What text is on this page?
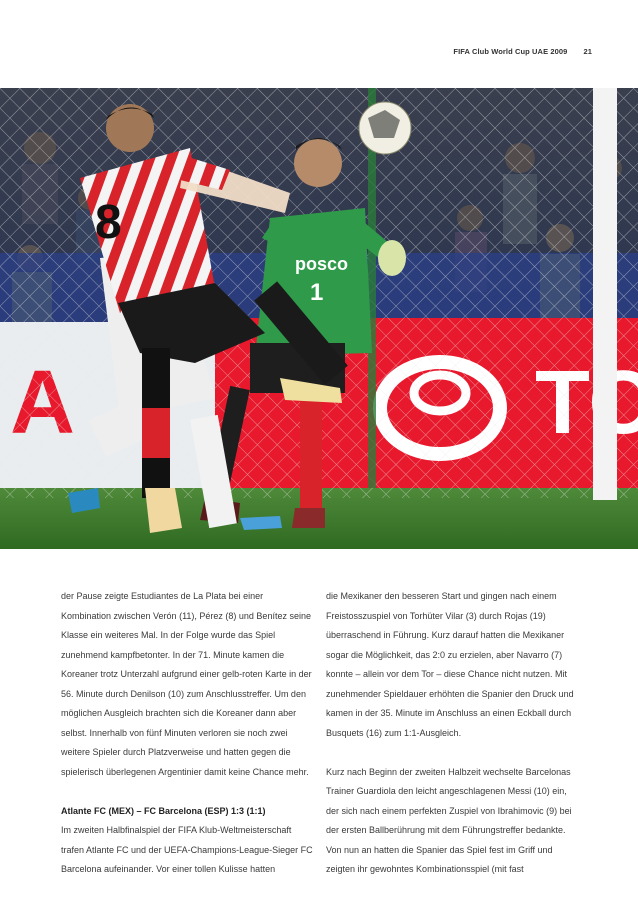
FIFA Club World Cup UAE 2009 21
posco
1
8

der Pause zeigte Estudiantes de La Plata bei einer Kombination zwischen Verón (11), Pérez (8) und Benítez seine Klasse ein weiteres Mal. In der Folge wurde das Spiel zunehmend kampfbetonter. In der 71. Minute kamen die Koreaner trotz Unterzahl aufgrund einer gelb-roten Karte in der 56. Minute durch Denilson (10) zum Anschlusstreffer. Um den möglichen Ausgleich brachten sich die Koreaner dann aber selbst. Innerhalb von fünf Minuten verloren sie noch zwei weitere Spieler durch Platzverweise und hatten gegen die spielerisch überlegenen Argentinier damit keine Chance mehr.

Atlante FC (MEX) – FC Barcelona (ESP) 1:3 (1:1)

Im zweiten Halbfinalspiel der FIFA Klub-Weltmeisterschaft trafen Atlante FC und der UEFA-Champions-League-Sieger FC Barcelona aufeinander. Vor einer tollen Kulisse hatten

die Mexikaner den besseren Start und gingen nach einem Freistosszuspiel von Torhüter Vilar (3) durch Rojas (19) überraschend in Führung. Kurz darauf hatten die Mexikaner sogar die Möglichkeit, das 2:0 zu erzielen, aber Navarro (7) konnte – allein vor dem Tor – diese Chance nicht nutzen. Mit zunehmender Spieldauer erhöhten die Spanier den Druck und kamen in der 35. Minute im Anschluss an einen Eckball durch Busquets (16) zum 1:1-Ausgleich.

Kurz nach Beginn der zweiten Halbzeit wechselte Barcelonas Trainer Guardiola den leicht angeschlagenen Messi (10) ein, der sich nach einem perfekten Zuspiel von Ibrahimovic (9) bei der ersten Ballberührung mit dem Führungstreffer bedankte. Von nun an hatten die Spanier das Spiel fest im Griff und zeigten ihr gewohntes Kombinationsspiel (mit fast
